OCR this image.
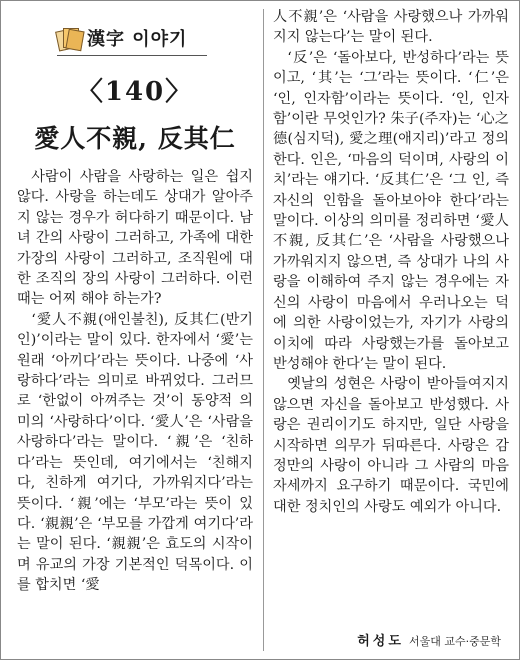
漢字 이야기
〈140〉
愛人不親, 反其仁

사람이 사람을 사랑하는 일은 쉽지 않다. 사랑을 하는데도 상대가 알아주지 않는 경우가 허다하기 때문이다. 남녀 간의 사랑이 그러하고, 가족에 대한 가장의 사랑이 그러하고, 조직원에 대한 조직의 장의 사랑이 그러하다. 이런 때는 어찌 해야 하는가?

‘愛人不親(애인불친), 反其仁(반기인)’이라는 말이 있다. 한자에서 ‘愛’는 원래 ‘아끼다’라는 뜻이다. 나중에 ‘사랑하다’라는 의미로 바뀌었다. 그러므로 ‘한없이 아껴주는 것’이 동양적 의미의 ‘사랑하다’이다. ‘愛人’은 ‘사람을 사랑하다’라는 말이다. ‘親’은 ‘친하다’라는 뜻인데, 여기에서는 ‘친해지다, 친하게 여기다, 가까워지다’라는 뜻이다. ‘親’에는 ‘부모’라는 뜻이 있다. ‘親親’은 ‘부모를 가깝게 여기다’라는 말이 된다. ‘親親’은 효도의 시작이며 유교의 가장 기본적인 덕목이다. 이를 합치면 ‘愛

人不親’은 ‘사람을 사랑했으나 가까워지지 않는다’는 말이 된다.

‘反’은 ‘돌아보다, 반성하다’라는 뜻이고, ‘其’는 ‘그’라는 뜻이다. ‘仁’은 ‘인, 인자함’이라는 뜻이다. ‘인, 인자함’이란 무엇인가? 朱子(주자)는 ‘心之德(심지덕), 愛之理(애지리)’라고 정의한다. 인은, ‘마음의 덕이며, 사랑의 이치’라는 얘기다. ‘反其仁’은 ‘그 인, 즉 자신의 인함을 돌아보아야 한다’라는 말이다. 이상의 의미를 정리하면 ‘愛人不親, 反其仁’은 ‘사람을 사랑했으나 가까워지지 않으면, 즉 상대가 나의 사랑을 이해하여 주지 않는 경우에는 자신의 사랑이 마음에서 우러나오는 덕에 의한 사랑이었는가, 자기가 사랑의 이치에 따라 사랑했는가를 돌아보고 반성해야 한다’는 말이 된다.

옛날의 성현은 사랑이 받아들여지지 않으면 자신을 돌아보고 반성했다. 사랑은 권리이기도 하지만, 일단 사랑을 시작하면 의무가 뒤따른다. 사랑은 감정만의 사랑이 아니라 그 사람의 마음 자세까지 요구하기 때문이다. 국민에 대한 정치인의 사랑도 예외가 아니다.

허성도 서울대 교수·중문학
